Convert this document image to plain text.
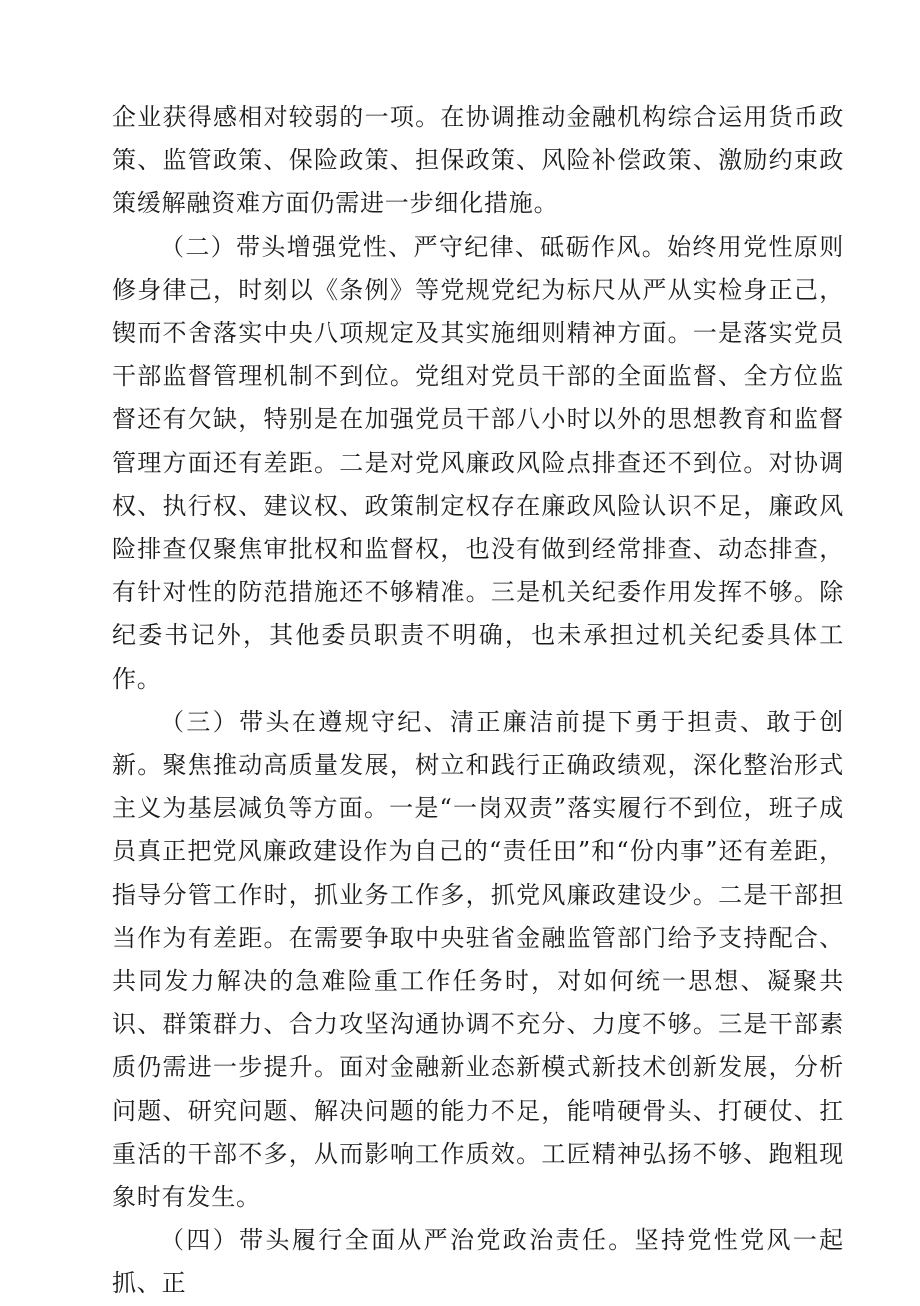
企业获得感相对较弱的一项。在协调推动金融机构综合运用货币政策、监管政策、保险政策、担保政策、风险补偿政策、激励约束政策缓解融资难方面仍需进一步细化措施。

（二）带头增强党性、严守纪律、砥砺作风。始终用党性原则修身律己，时刻以《条例》等党规党纪为标尺从严从实检身正己，锲而不舍落实中央八项规定及其实施细则精神方面。一是落实党员干部监督管理机制不到位。党组对党员干部的全面监督、全方位监督还有欠缺，特别是在加强党员干部八小时以外的思想教育和监督管理方面还有差距。二是对党风廉政风险点排查还不到位。对协调权、执行权、建议权、政策制定权存在廉政风险认识不足，廉政风险排查仅聚焦审批权和监督权，也没有做到经常排查、动态排查，有针对性的防范措施还不够精准。三是机关纪委作用发挥不够。除纪委书记外，其他委员职责不明确，也未承担过机关纪委具体工作。

（三）带头在遵规守纪、清正廉洁前提下勇于担责、敢于创新。聚焦推动高质量发展，树立和践行正确政绩观，深化整治形式主义为基层减负等方面。一是“一岗双责”落实履行不到位，班子成员真正把党风廉政建设作为自己的“责任田”和“份内事”还有差距，指导分管工作时，抓业务工作多，抓党风廉政建设少。二是干部担当作为有差距。在需要争取中央驻省金融监管部门给予支持配合、共同发力解决的急难险重工作任务时，对如何统一思想、凝聚共识、群策群力、合力攻坚沟通协调不充分、力度不够。三是干部素质仍需进一步提升。面对金融新业态新模式新技术创新发展，分析问题、研究问题、解决问题的能力不足，能啃硬骨头、打硬仗、扛重活的干部不多，从而影响工作质效。工匠精神弘扬不够、跑粗现象时有发生。

（四）带头履行全面从严治党政治责任。坚持党性党风一起抓、正
